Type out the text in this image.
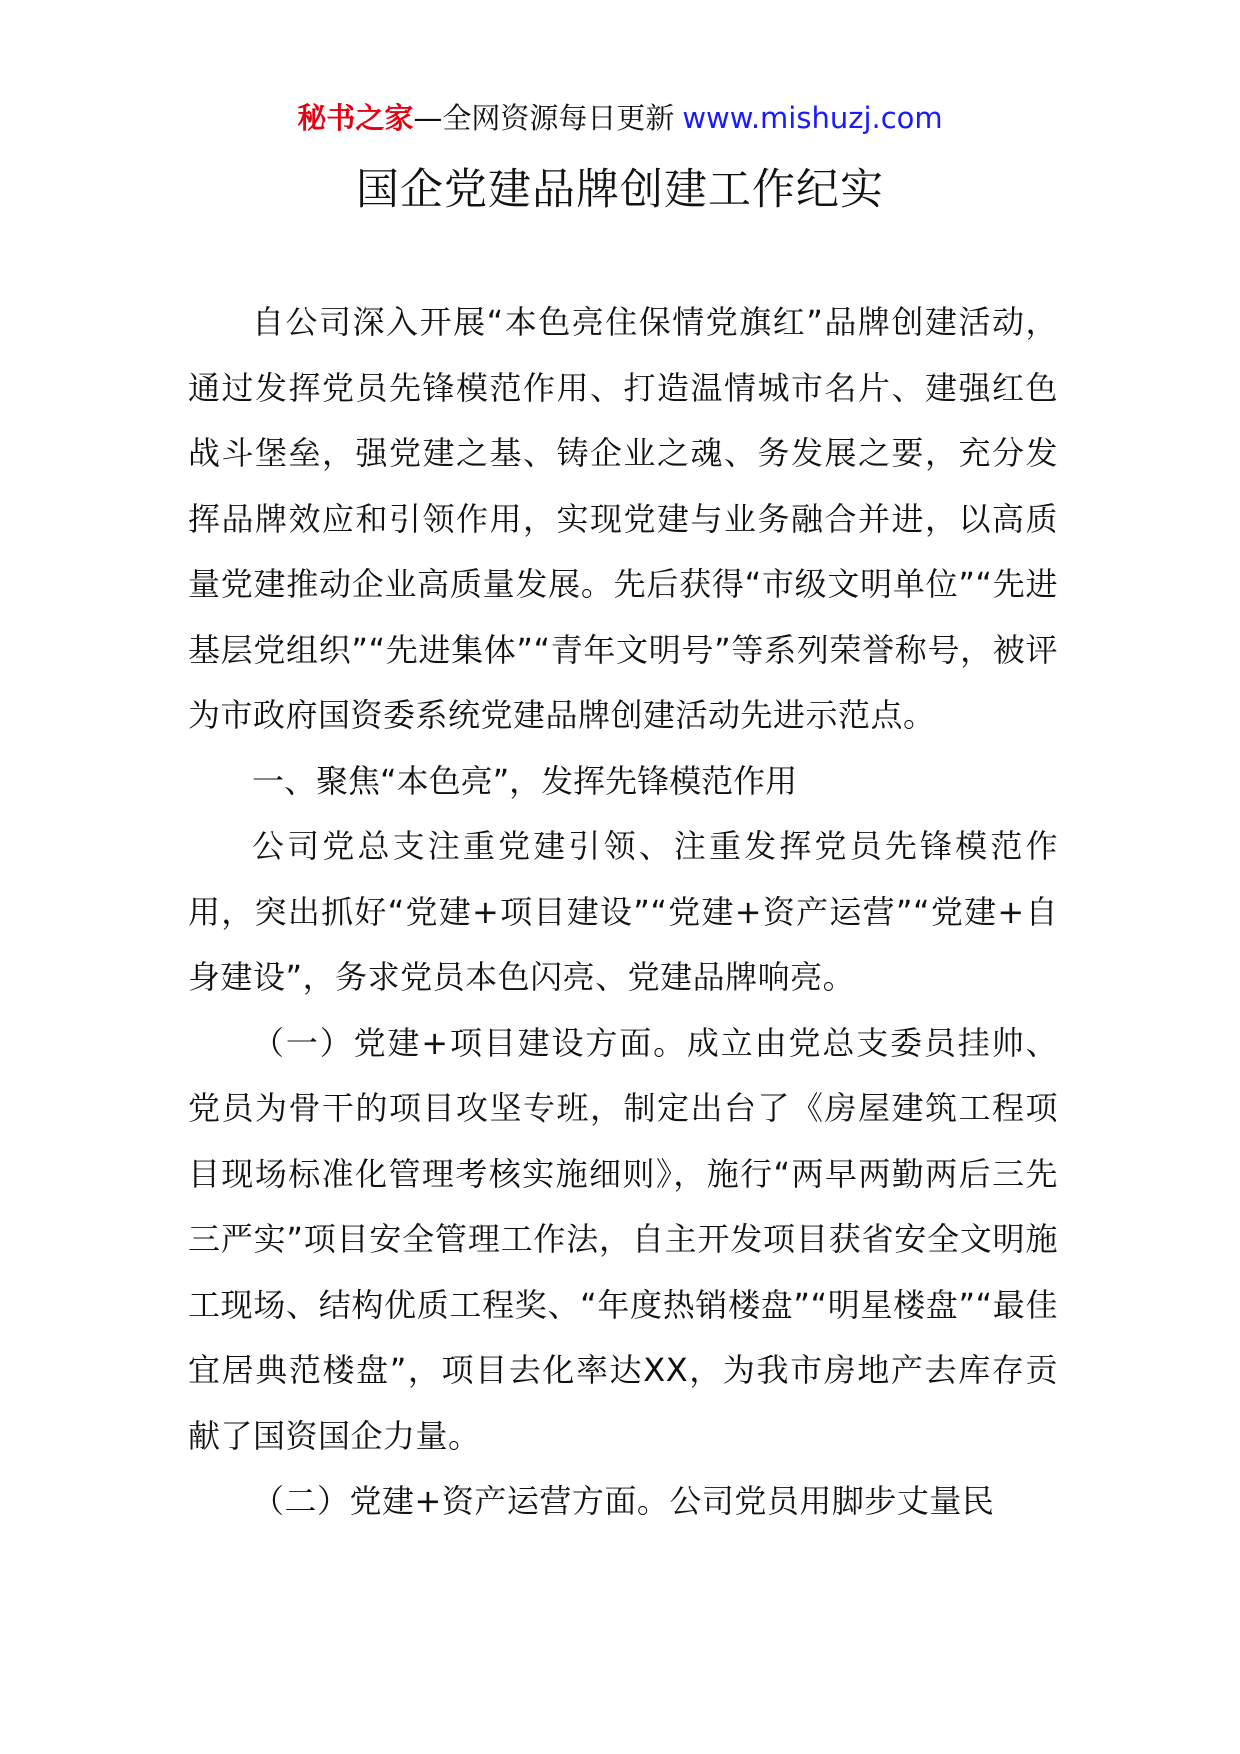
秘书之家—全网资源每日更新 www.mishuzj.com
国企党建品牌创建工作纪实

自公司深入开展“本色亮住保情党旗红”品牌创建活动，通过发挥党员先锋模范作用、打造温情城市名片、建强红色战斗堡垒，强党建之基、铸企业之魂、务发展之要，充分发挥品牌效应和引领作用，实现党建与业务融合并进，以高质量党建推动企业高质量发展。先后获得“市级文明单位”“先进基层党组织”“先进集体”“青年文明号”等系列荣誉称号，被评为市政府国资委系统党建品牌创建活动先进示范点。

一、聚焦“本色亮”，发挥先锋模范作用

公司党总支注重党建引领、注重发挥党员先锋模范作用，突出抓好“党建+项目建设”“党建+资产运营”“党建+自身建设”，务求党员本色闪亮、党建品牌响亮。

（一）党建+项目建设方面。成立由党总支委员挂帅、党员为骨干的项目攻坚专班，制定出台了《房屋建筑工程项目现场标准化管理考核实施细则》，施行“两早两勤两后三先三严实”项目安全管理工作法，自主开发项目获省安全文明施工现场、结构优质工程奖、“年度热销楼盘”“明星楼盘”“最佳宜居典范楼盘”，项目去化率达XX，为我市房地产去库存贡献了国资国企力量。

（二）党建+资产运营方面。公司党员用脚步丈量民
